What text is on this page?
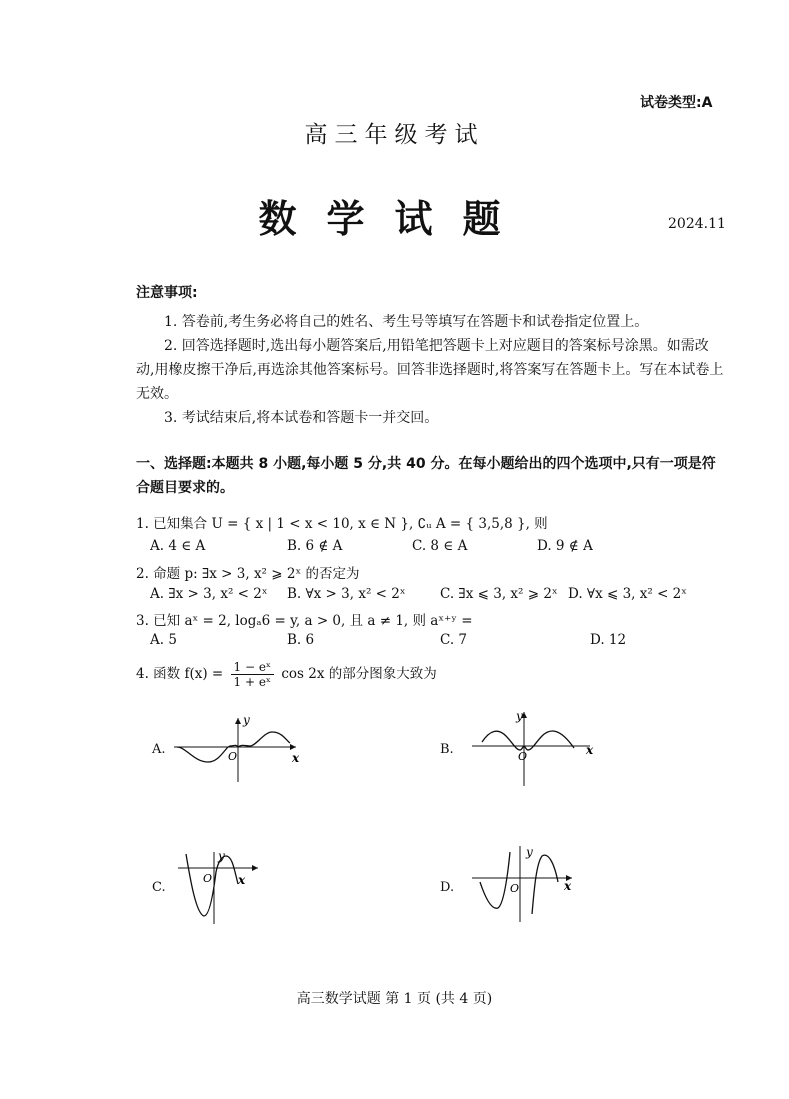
试卷类型:A
高三年级考试
数学试题	2024.11
注意事项:
1. 答卷前,考生务必将自己的姓名、考生号等填写在答题卡和试卷指定位置上。
2. 回答选择题时,选出每小题答案后,用铅笔把答题卡上对应题目的答案标号涂黑。如需改动,用橡皮擦干净后,再选涂其他答案标号。回答非选择题时,将答案写在答题卡上。写在本试卷上无效。
3. 考试结束后,将本试卷和答题卡一并交回。
一、选择题:本题共 8 小题,每小题 5 分,共 40 分。在每小题给出的四个选项中,只有一项是符合题目要求的。
1. 已知集合 U = { x | 1 < x < 10, x ∈ N }, ∁ᵤ A = { 3,5,8 }, 则
A. 4 ∈ A	B. 6 ∉ A	C. 8 ∈ A	D. 9 ∉ A
2. 命题 p: ∃x > 3, x² ⩾ 2ˣ 的否定为
A. ∃x > 3, x² < 2ˣ B. ∀x > 3, x² < 2ˣ	C. ∃x ⩽ 3, x² ⩾ 2ˣ D. ∀x ⩽ 3, x² < 2ˣ
3. 已知 aˣ = 2, logₐ6 = y, a > 0, 且 a ≠ 1, 则 aˣ⁺ʸ =
A. 5	B. 6	C. 7	D. 12
4. 函数 $f(x) = \frac{\text{1 − eˣ}}{\text{1 + eˣ}}$ cos 2x 的部分图象大致为
A.	B.
C.	D.
y
x
O
y
x
O
y
x
O
y
x
O
高三数学试题 第 1 页 (共 4 页)
